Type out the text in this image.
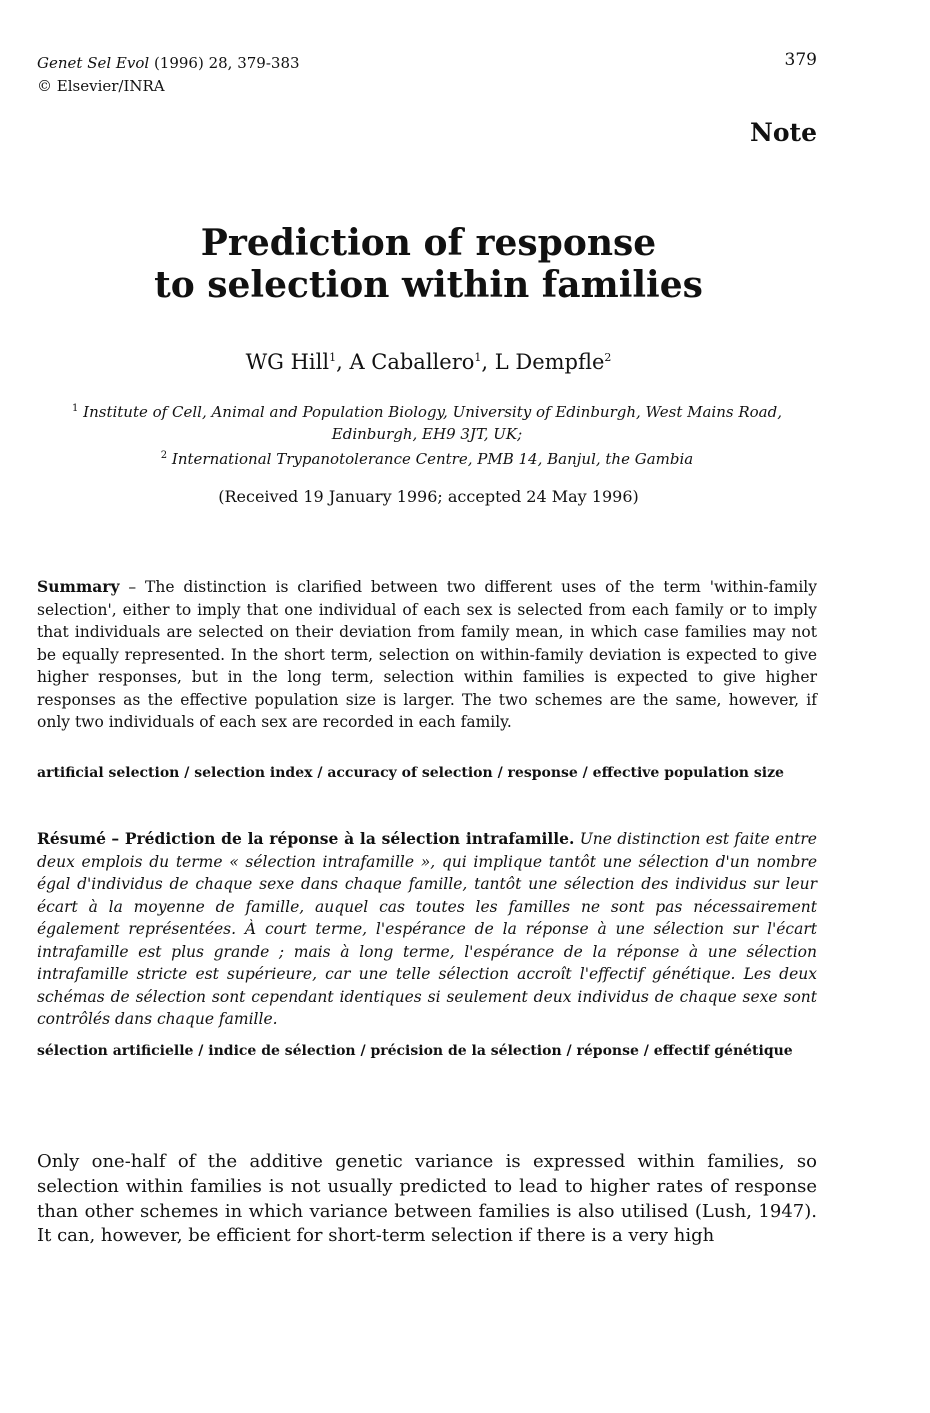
Genet Sel Evol (1996) 28, 379-383
© Elsevier/INRA
379
Note
Prediction of response
to selection within families
WG Hill$^1$, A Caballero$^1$, L Dempfle$^2$
$^1$ Institute of Cell, Animal and Population Biology, University of Edinburgh, West Mains Road, Edinburgh, EH9 3JT, UK;
$^2$ International Trypanotolerance Centre, PMB 14, Banjul, the Gambia
(Received 19 January 1996; accepted 24 May 1996)
Summary – The distinction is clarified between two different uses of the term 'within-family selection', either to imply that one individual of each sex is selected from each family or to imply that individuals are selected on their deviation from family mean, in which case families may not be equally represented. In the short term, selection on within-family deviation is expected to give higher responses, but in the long term, selection within families is expected to give higher responses as the effective population size is larger. The two schemes are the same, however, if only two individuals of each sex are recorded in each family.
artificial selection / selection index / accuracy of selection / response / effective population size
Résumé – Prédiction de la réponse à la sélection intrafamille. Une distinction est faite entre deux emplois du terme « sélection intrafamille », qui implique tantôt une sélection d'un nombre égal d'individus de chaque sexe dans chaque famille, tantôt une sélection des individus sur leur écart à la moyenne de famille, auquel cas toutes les familles ne sont pas nécessairement également représentées. À court terme, l'espérance de la réponse à une sélection sur l'écart intrafamille est plus grande ; mais à long terme, l'espérance de la réponse à une sélection intrafamille stricte est supérieure, car une telle sélection accroît l'effectif génétique. Les deux schémas de sélection sont cependant identiques si seulement deux individus de chaque sexe sont contrôlés dans chaque famille.
sélection artificielle / indice de sélection / précision de la sélection / réponse / effectif génétique
Only one-half of the additive genetic variance is expressed within families, so selection within families is not usually predicted to lead to higher rates of response than other schemes in which variance between families is also utilised (Lush, 1947). It can, however, be efficient for short-term selection if there is a very high
